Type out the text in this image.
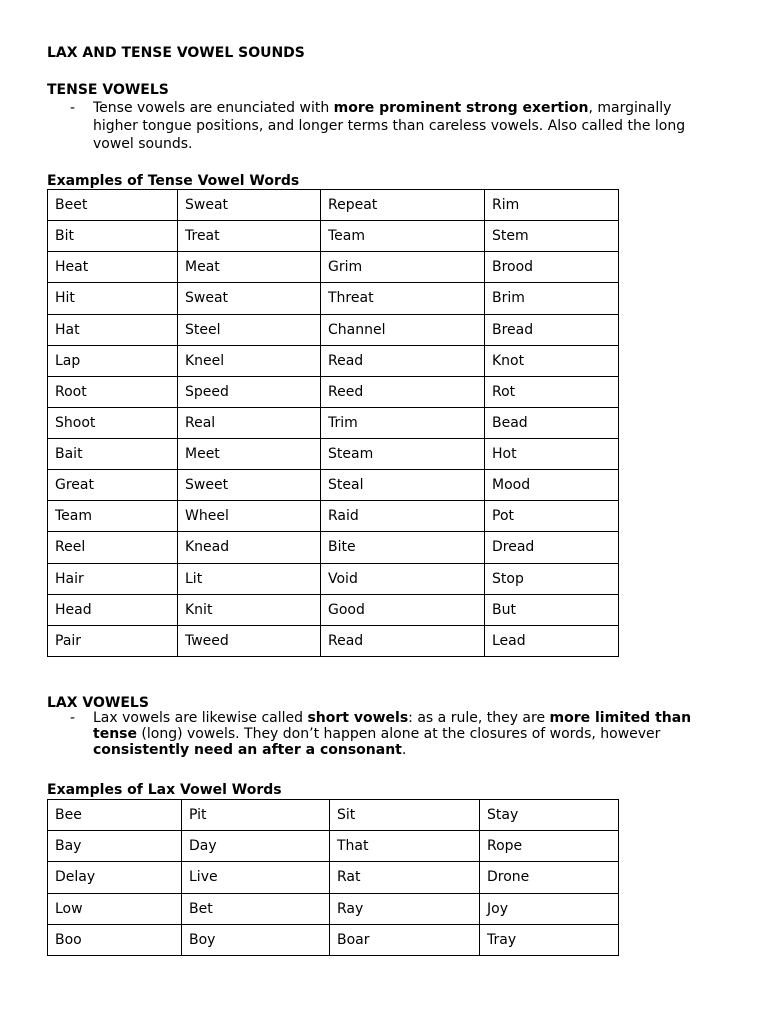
LAX AND TENSE VOWEL SOUNDS
TENSE VOWELS
- Tense vowels are enunciated with more prominent strong exertion, marginally
higher tongue positions, and longer terms than careless vowels. Also called the long
vowel sounds.
Examples of Tense Vowel Words
Beet	Sweat	Repeat	Rim
Bit	Treat	Team	Stem
Heat	Meat	Grim	Brood
Hit	Sweat	Threat	Brim
Hat	Steel	Channel	Bread
Lap	Kneel	Read	Knot
Root	Speed	Reed	Rot
Shoot	Real	Trim	Bead
Bait	Meet	Steam	Hot
Great	Sweet	Steal	Mood
Team	Wheel	Raid	Pot
Reel	Knead	Bite	Dread
Hair	Lit	Void	Stop
Head	Knit	Good	But
Pair	Tweed	Read	Lead
LAX VOWELS
- Lax vowels are likewise called short vowels: as a rule, they are more limited than
tense (long) vowels. They don’t happen alone at the closures of words, however
consistently need an after a consonant.
Examples of Lax Vowel Words
Bee	Pit	Sit	Stay
Bay	Day	That	Rope
Delay	Live	Rat	Drone
Low	Bet	Ray	Joy
Boo	Boy	Boar	Tray
